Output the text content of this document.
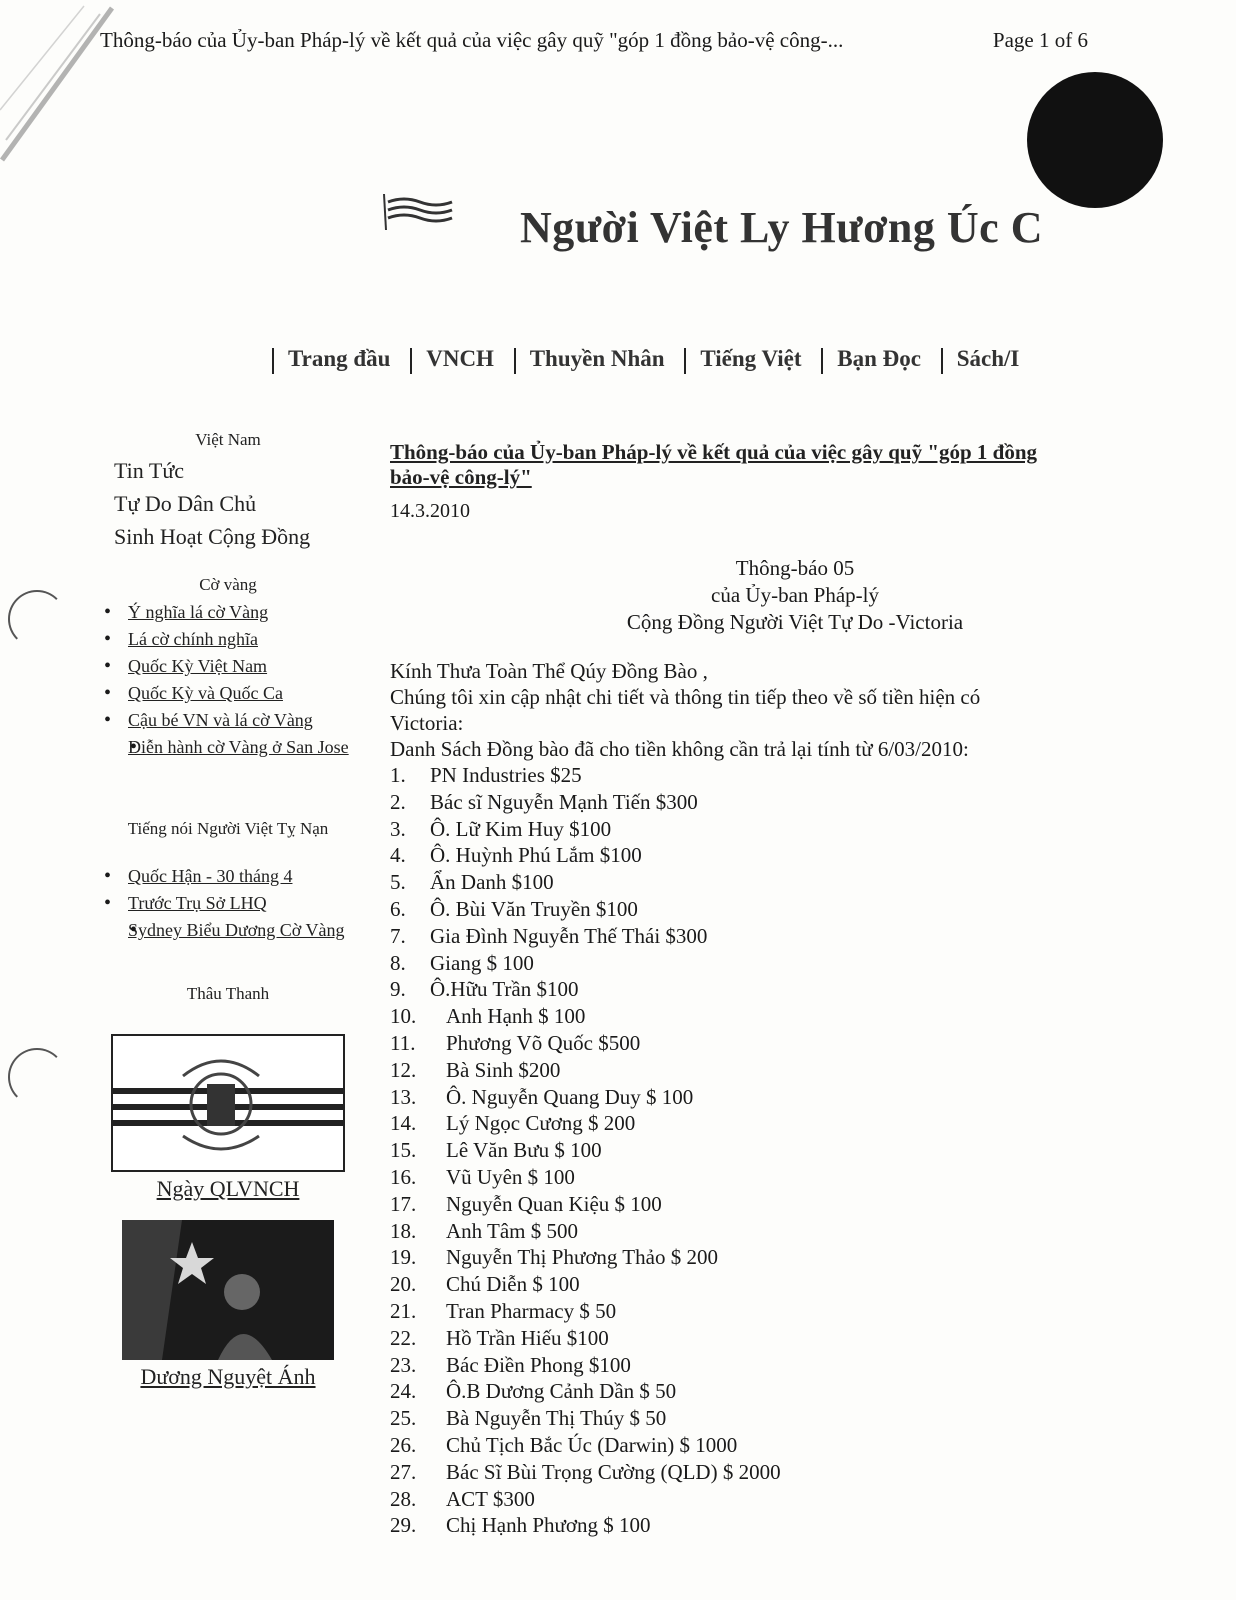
Thông-báo của Ủy-ban Pháp-lý về kết quả của việc gây quỹ "góp 1 đồng bảo-vệ công-...	Page 1 of 6
Người Việt Ly Hương Úc C
Trang đầu VNCH Thuyền Nhân Tiếng Việt Bạn Đọc Sách/I
Việt Nam
Tin Tức
Tự Do Dân Chủ
Sinh Hoạt Cộng Đồng
Cờ vàng
• Ý nghĩa lá cờ Vàng
• Lá cờ chính nghĩa
• Quốc Kỳ Việt Nam
• Quốc Kỳ và Quốc Ca
• Cậu bé VN và lá cờ Vàng
• Diễn hành cờ Vàng ở San Jose
Tiếng nói Người Việt Tỵ Nạn
• Quốc Hận - 30 tháng 4
• Trước Trụ Sở LHQ
• Sydney Biểu Dương Cờ Vàng
Thâu Thanh
Ngày QLVNCH
Dương Nguyệt Ánh
Thông-báo của Ủy-ban Pháp-lý về kết quả của việc gây quỹ "góp 1 đồng bảo-vệ công-lý"
14.3.2010
Thông-báo 05
của Ủy-ban Pháp-lý
Cộng Đồng Người Việt Tự Do -Victoria
Kính Thưa Toàn Thể Qúy Đồng Bào ,
Chúng tôi xin cập nhật chi tiết và thông tin tiếp theo về số tiền hiện có
Victoria:
Danh Sách Đồng bào đã cho tiền không cần trả lại tính từ 6/03/2010:
1. PN Industries $25
2. Bác sĩ Nguyễn Mạnh Tiến $300
3. Ô. Lữ Kim Huy $100
4. Ô. Huỳnh Phú Lắm $100
5. Ẩn Danh $100
6. Ô. Bùi Văn Truyền $100
7. Gia Đình Nguyễn Thế Thái $300
8. Giang $ 100
9. Ô.Hữu Trần $100
10. Anh Hạnh $ 100
11. Phương Võ Quốc $500
12. Bà Sinh $200
13. Ô. Nguyễn Quang Duy $ 100
14. Lý Ngọc Cương $ 200
15. Lê Văn Bưu $ 100
16. Vũ Uyên $ 100
17. Nguyễn Quan Kiệu $ 100
18. Anh Tâm $ 500
19. Nguyễn Thị Phương Thảo $ 200
20. Chú Diễn $ 100
21. Tran Pharmacy $ 50
22. Hồ Trần Hiếu $100
23. Bác Điền Phong $100
24. Ô.B Dương Cảnh Dần $ 50
25. Bà Nguyễn Thị Thúy $ 50
26. Chủ Tịch Bắc Úc (Darwin) $ 1000
27. Bác Sĩ Bùi Trọng Cường (QLD) $ 2000
28. ACT $300
29. Chị Hạnh Phương $ 100
